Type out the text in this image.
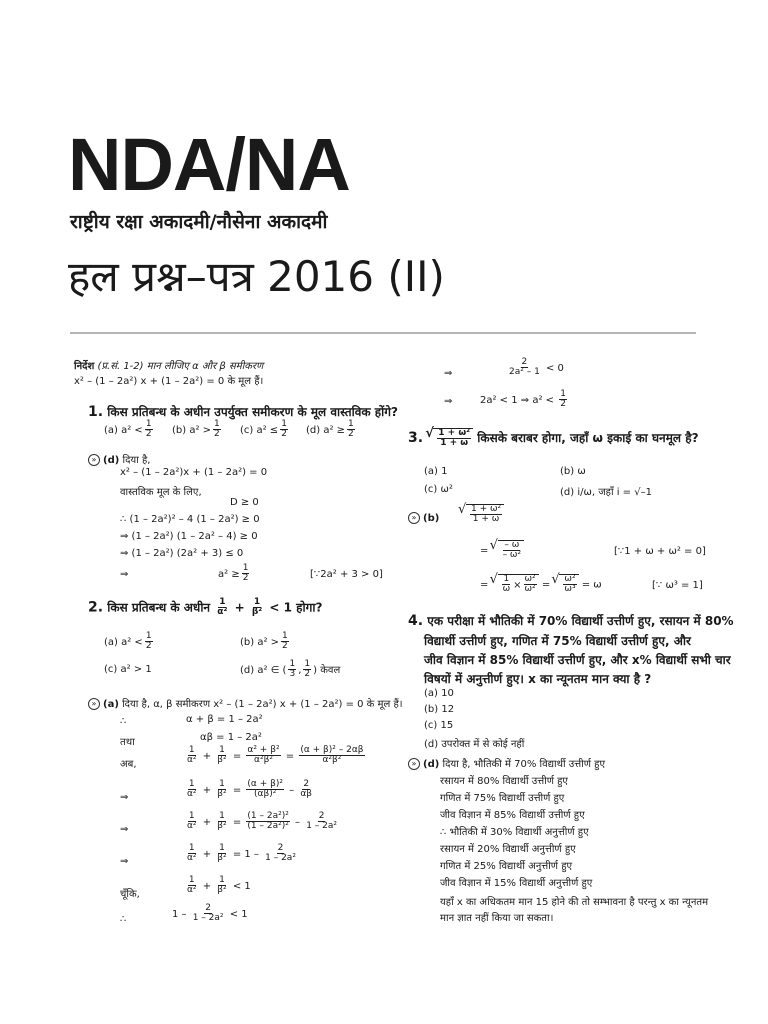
NDA/NA
राष्ट्रीय रक्षा अकादमी/नौसेना अकादमी
हल प्रश्न–पत्र 2016 (II)
निर्देश (प्र.सं. 1-2) मान लीजिए α और β समीकरण
x² – (1 – 2a²) x + (1 – 2a²) = 0 के मूल हैं।
1. किस प्रतिबन्ध के अधीन उपर्युक्त समीकरण के मूल वास्तविक होंगे?
(a) $a^2 < \frac{1}{2} (b) a^2 > \frac{1}{2} (c) a^2 \le \frac{1}{2} (d) a^2 \ge \frac{1}{2}$
» (d) दिया है,
x² – (1 – 2a²)x + (1 – 2a²) = 0
वास्तविक मूल के लिए,
D ≥ 0
∴ (1 – 2a²)² – 4 (1 – 2a²) ≥ 0
⇒ (1 – 2a²) (1 – 2a² – 4) ≥ 0
⇒ (1 – 2a²) (2a² + 3) ≤ 0
⇒	$a^2 \ge \frac{1}{2}$	[∵2a² + 3 > 0]
2. किस प्रतिबन्ध के अधीन $\frac{1}{\text{α²}} + \frac{1}{\text{β²}} < 1$ होगा?
(a) $a^2 < \frac{1}{2}$	(b) $a^2 > \frac{1}{2}$
(c) a² > 1	(d) a² ∈ ( $\frac{1}{3}$ , $\frac{1}{2}$ ) केवल
» (a) दिया है, α, β समीकरण x² – (1 – 2a²) x + (1 – 2a²) = 0 के मूल हैं।
∴	α + β = 1 – 2a²
तथा	αβ = 1 – 2a²
अब,	$\frac{1}{\text{α²}} + \frac{1}{\text{β²}} = \frac{\text{α² + β²}}{\text{α²β²}} = \frac{\text{(α + β)² – 2αβ}}{\text{α²β²}}$
⇒	$\frac{1}{\text{α²}} + \frac{1}{\text{β²}} = \frac{\text{(α + β)²}}{\text{(αβ)²}} - \frac{2}{\alpha\beta}$
⇒	$\frac{1}{\text{α²}} + \frac{1}{\text{β²}} = \frac{\text{(1 – 2a²)²}}{\text{(1 – 2a²)²}} - \frac{2}{\text{1 – 2a²}}$
⇒	$\frac{1}{\text{α²}} + \frac{1}{\text{β²}} = 1 - \frac{2}{\text{1 – 2a²}}$
चूँकि,	$\frac{1}{\text{α²}} + \frac{1}{\text{β²}} < 1$
∴	$1 - \frac{2}{\text{1 – 2a²}} < 1$
⇒	$\frac{2}{\text{2a² – 1}} < 0$
⇒	2a² < 1 ⇒ $a^2 < \frac{1}{2}$
3. √ $\frac{\text{1 + ω²}}{1 + \omega}$ किसके बराबर होगा, जहाँ ω इकाई का घनमूल है?
(a) 1	(b) ω
(c) ω²	(d) i/ω, जहाँ i = √–1
» (b)	√ $\frac{\text{1 + ω²}}{1 + \omega}$
= √ $\frac{- \omega}{\text{– ω²}}$	[∵1 + ω + ω² = 0]
= √ $\frac{1}{\omega} \times \frac{\text{ω²}}{\text{ω²}}$ = √ $\frac{\text{ω²}}{\text{ω³}} = \omega$	[∵ ω³ = 1]
4. एक परीक्षा में भौतिकी में 70% विद्यार्थी उत्तीर्ण हुए, रसायन में 80%
विद्यार्थी उत्तीर्ण हुए, गणित में 75% विद्यार्थी उत्तीर्ण हुए, और
जीव विज्ञान में 85% विद्यार्थी उत्तीर्ण हुए, और x% विद्यार्थी सभी चार
विषयों में अनुत्तीर्ण हुए। x का न्यूनतम मान क्या है ?
(a) 10
(b) 12
(c) 15
(d) उपरोक्त में से कोई नहीं
» (d) दिया है, भौतिकी में 70% विद्यार्थी उत्तीर्ण हुए
रसायन में 80% विद्यार्थी उत्तीर्ण हुए
गणित में 75% विद्यार्थी उत्तीर्ण हुए
जीव विज्ञान में 85% विद्यार्थी उत्तीर्ण हुए
∴ भौतिकी में 30% विद्यार्थी अनुत्तीर्ण हुए
रसायन में 20% विद्यार्थी अनुत्तीर्ण हुए
गणित में 25% विद्यार्थी अनुत्तीर्ण हुए
जीव विज्ञान में 15% विद्यार्थी अनुत्तीर्ण हुए
यहाँ x का अधिकतम मान 15 होने की तो सम्भावना है परन्तु x का न्यूनतम
मान ज्ञात नहीं किया जा सकता।
